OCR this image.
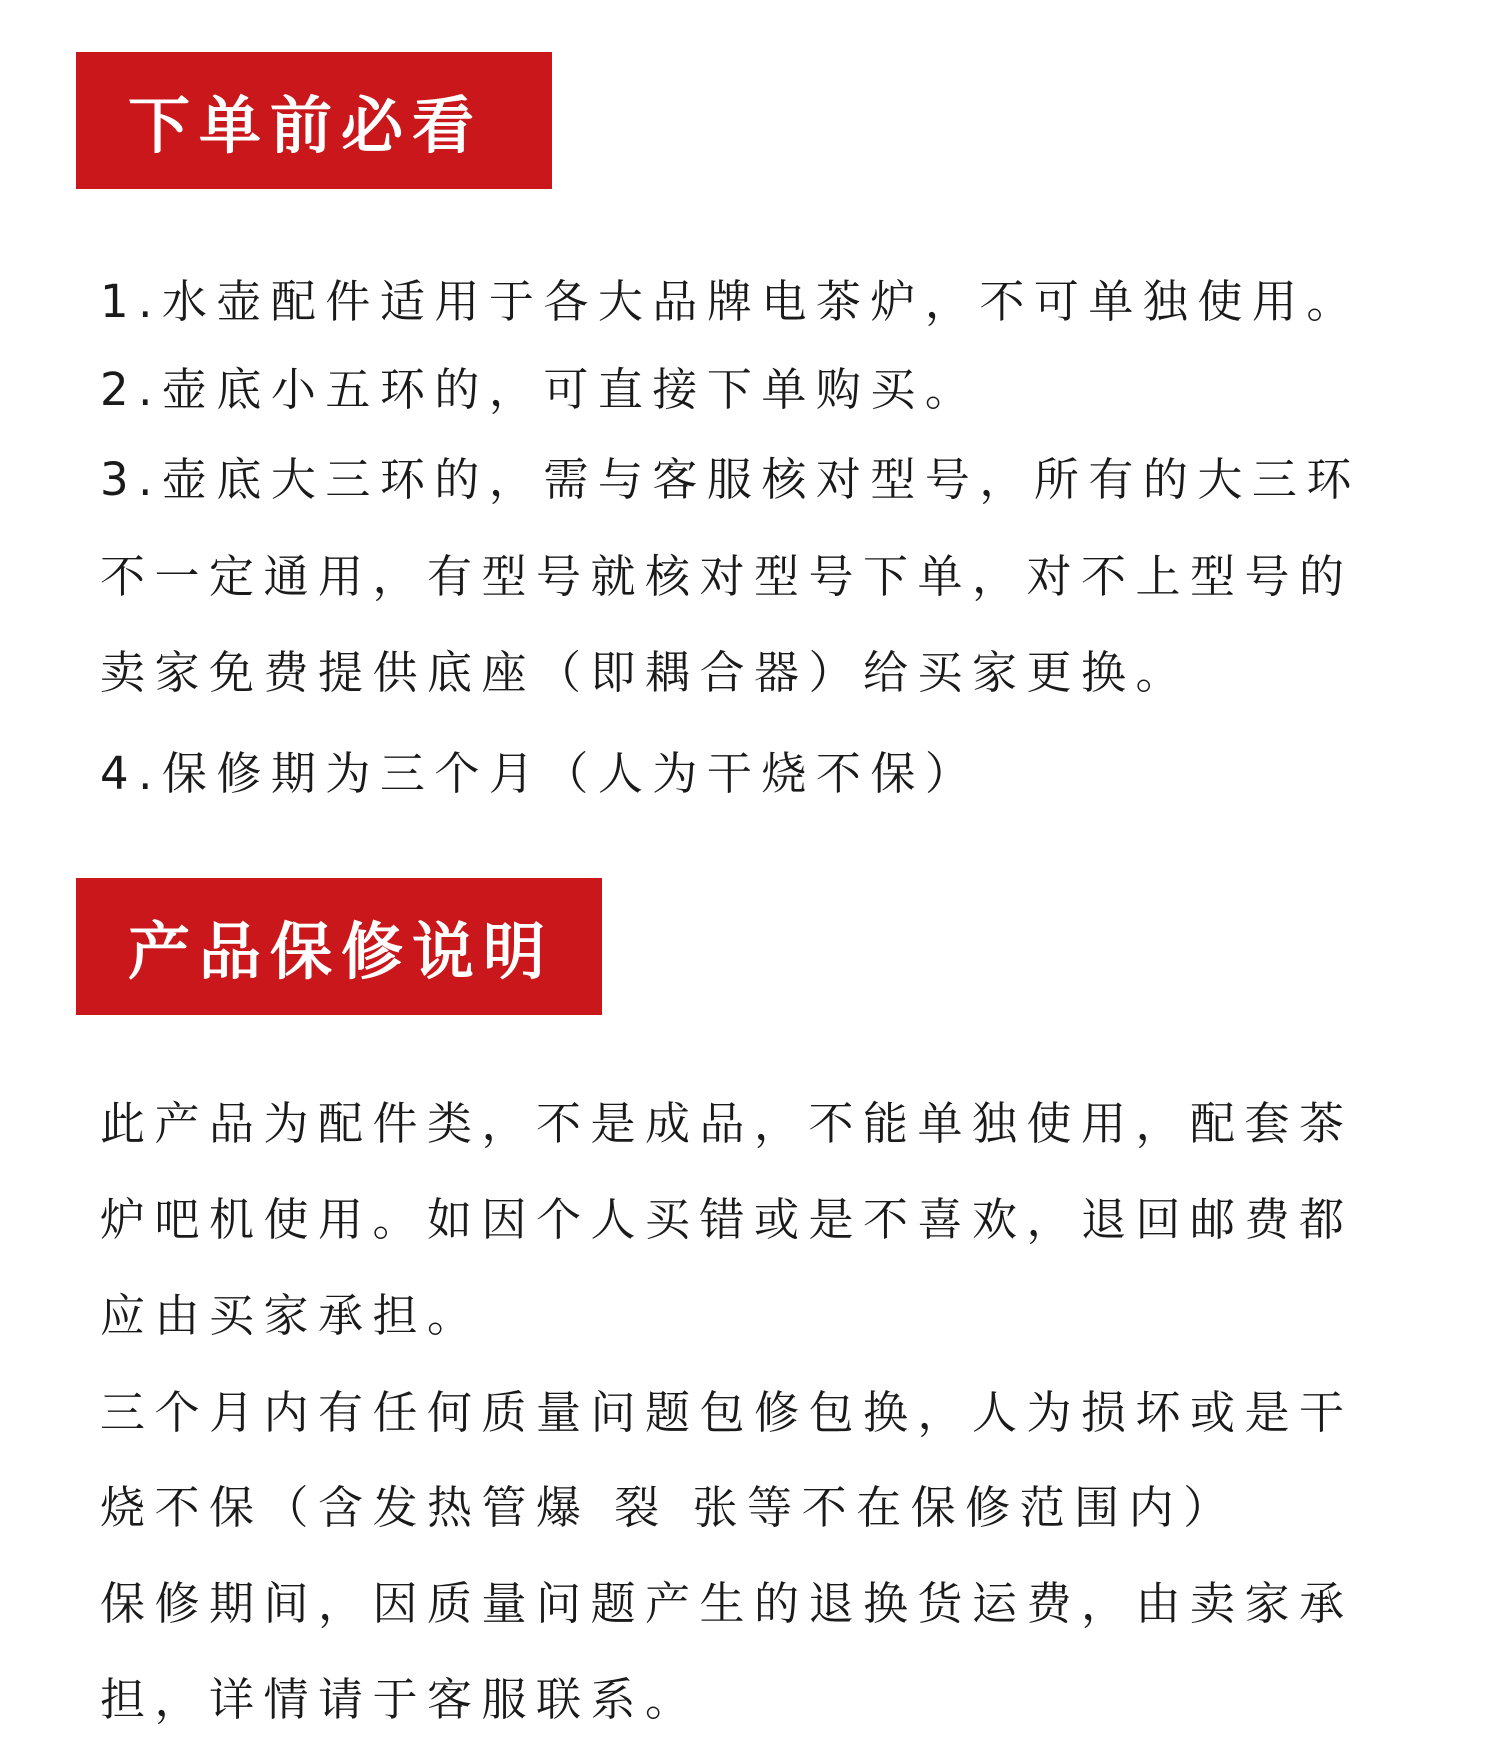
下单前必看

1.水壶配件适用于各大品牌电茶炉，不可单独使用。

2.壶底小五环的，可直接下单购买。

3.壶底大三环的，需与客服核对型号，所有的大三环

不一定通用，有型号就核对型号下单，对不上型号的

卖家免费提供底座（即耦合器）给买家更换。

4.保修期为三个月（人为干烧不保）

产品保修说明

此产品为配件类，不是成品，不能单独使用，配套茶

炉吧机使用。如因个人买错或是不喜欢，退回邮费都

应由买家承担。

三个月内有任何质量问题包修包换，人为损坏或是干

烧不保（含发热管爆 裂 张等不在保修范围内）

保修期间，因质量问题产生的退换货运费，由卖家承

担，详情请于客服联系。
